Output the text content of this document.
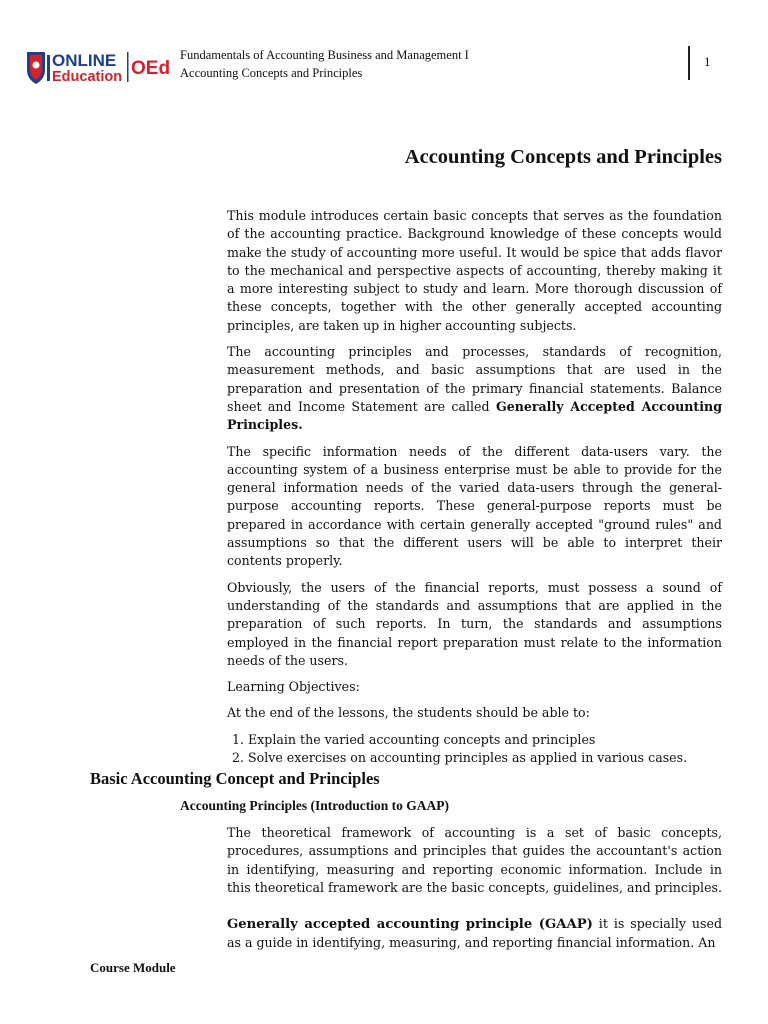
ONLINE
Education OEd
Fundamentals of Accounting Business and Management I
Accounting Concepts and Principles
1
Accounting Concepts and Principles

This module introduces certain basic concepts that serves as the foundation of the accounting practice. Background knowledge of these concepts would make the study of accounting more useful. It would be spice that adds flavor to the mechanical and perspective aspects of accounting, thereby making it a more interesting subject to study and learn. More thorough discussion of these concepts, together with the other generally accepted accounting principles, are taken up in higher accounting subjects.

The accounting principles and processes, standards of recognition, measurement methods, and basic assumptions that are used in the preparation and presentation of the primary financial statements. Balance sheet and Income Statement are called Generally Accepted Accounting Principles.

The specific information needs of the different data-users vary. the accounting system of a business enterprise must be able to provide for the general information needs of the varied data-users through the general-purpose accounting reports. These general-purpose reports must be prepared in accordance with certain generally accepted "ground rules" and assumptions so that the different users will be able to interpret their contents properly.

Obviously, the users of the financial reports, must possess a sound of understanding of the standards and assumptions that are applied in the preparation of such reports. In turn, the standards and assumptions employed in the financial report preparation must relate to the information needs of the users.

Learning Objectives:

At the end of the lessons, the students should be able to:

1. Explain the varied accounting concepts and principles
2. Solve exercises on accounting principles as applied in various cases.
Basic Accounting Concept and Principles
Accounting Principles (Introduction to GAAP)

The theoretical framework of accounting is a set of basic concepts, procedures, assumptions and principles that guides the accountant's action in identifying, measuring and reporting economic information. Include in this theoretical framework are the basic concepts, guidelines, and principles.

Generally accepted accounting principle (GAAP) it is specially used as a guide in identifying, measuring, and reporting financial information. An

Course Module
